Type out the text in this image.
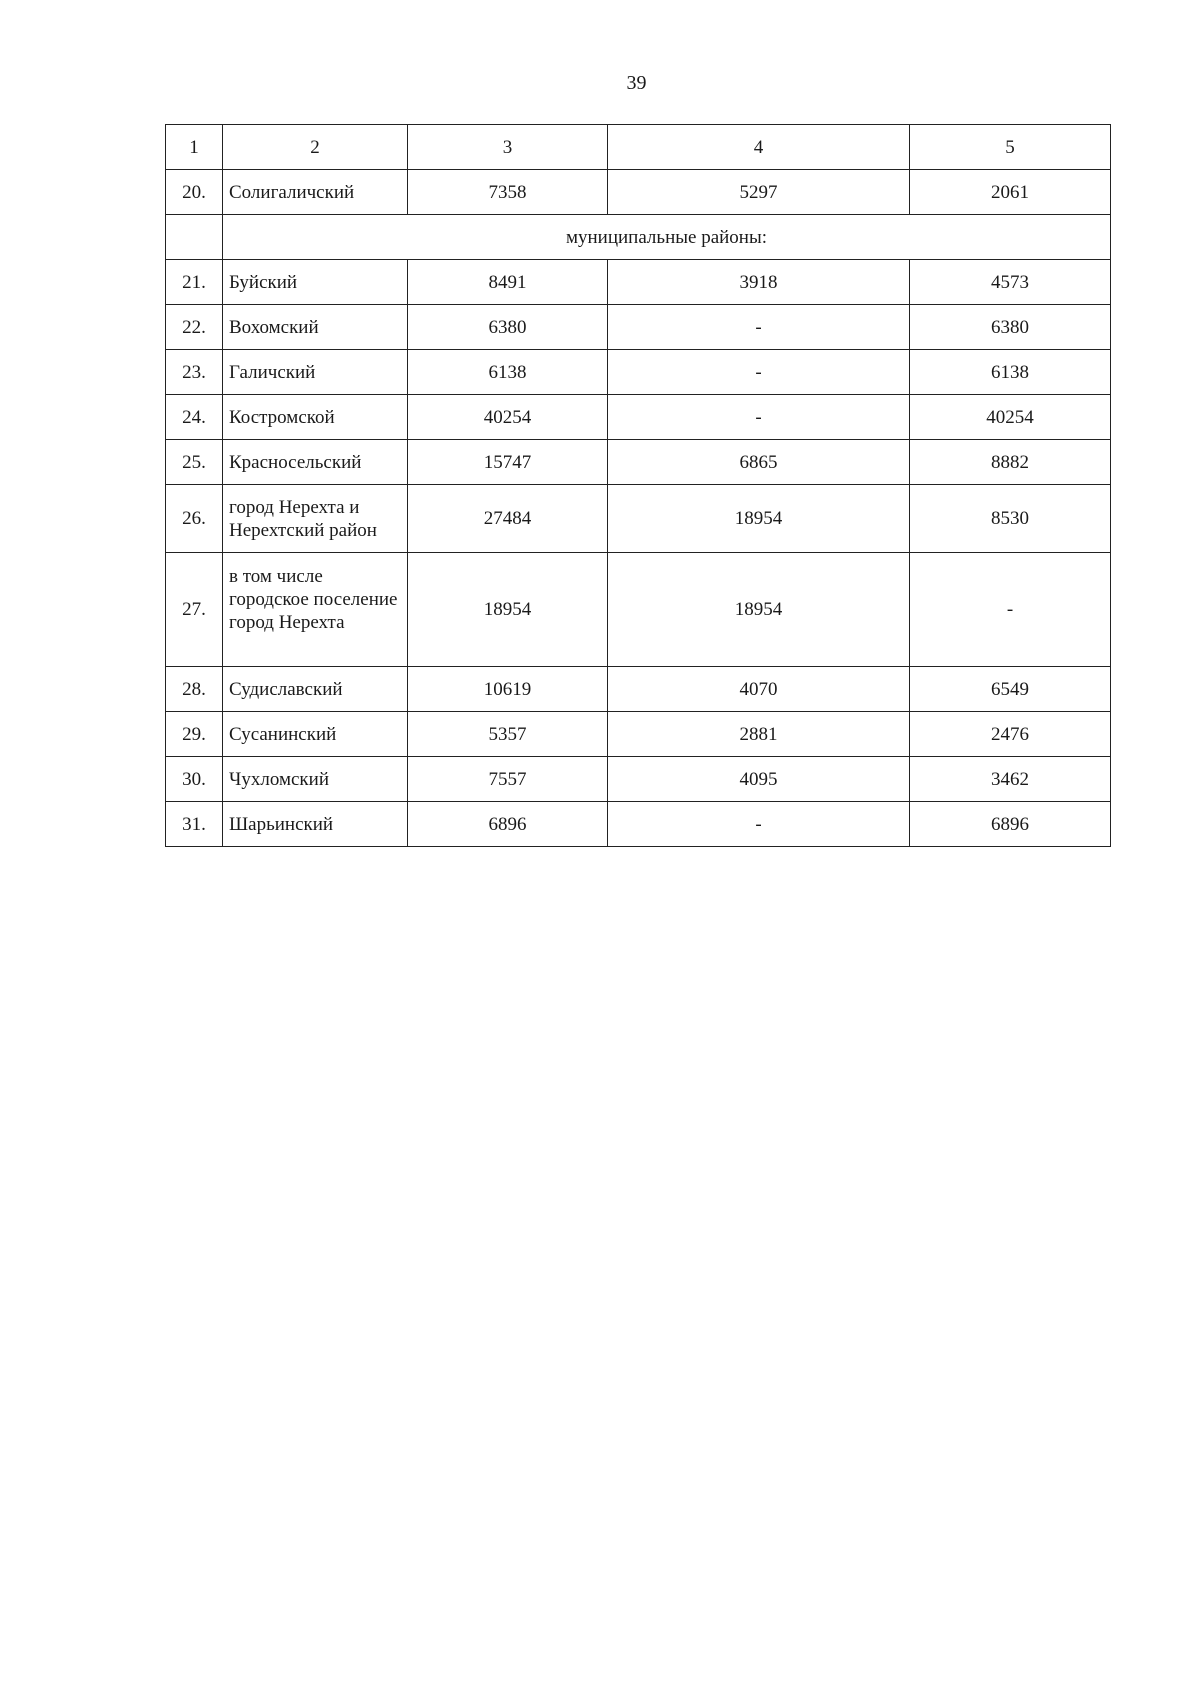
39
1	2	3	4	5
20.	Солигаличский	7358	5297	2061
	муниципальные районы:			
21.	Буйский	8491	3918	4573
22.	Вохомский	6380	-	6380
23.	Галичский	6138	-	6138
24.	Костромской	40254	-	40254
25.	Красносельский	15747	6865	8882
26.	город Нерехта и Нерехтский район	27484	18954	8530
27.	в том числе городское поселение город Нерехта	18954	18954	-
28.	Судиславский	10619	4070	6549
29.	Сусанинский	5357	2881	2476
30.	Чухломский	7557	4095	3462
31.	Шарьинский	6896	-	6896
